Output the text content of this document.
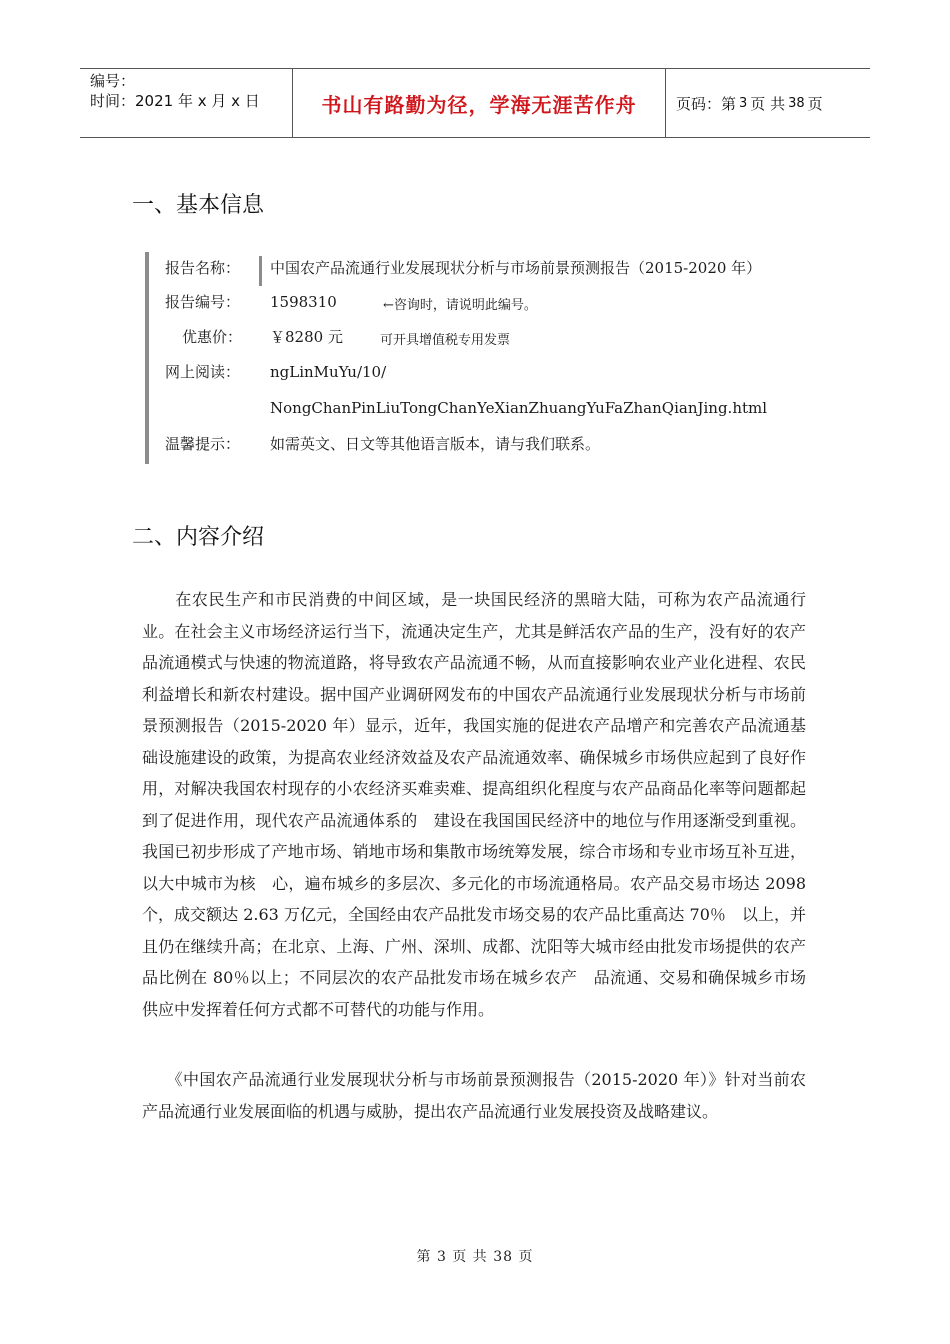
编号：
时间：2021 年 x 月 x 日	书山有路勤为径，学海无涯苦作舟	页码：第 3 页 共 38 页
一、基本信息
报告名称：	中国农产品流通行业发展现状分析与市场前景预测报告（2015-2020 年）
报告编号：	1598310	←咨询时，请说明此编号。
优惠价：	￥8280 元	可开具增值税专用发票
网上阅读：	ngLinMuYu/10/
NongChanPinLiuTongChanYeXianZhuangYuFaZhanQianJing.html
温馨提示：	如需英文、日文等其他语言版本，请与我们联系。
二、内容介绍
　　在农民生产和市民消费的中间区域，是一块国民经济的黑暗大陆，可称为农产品流通行　业。在社会主义市场经济运行当下，流通决定生产，尤其是鲜活农产品的生产，没有好的农产品流通模式与快速的物流道路，将导致农产品流通不畅，从而直接影响农业产业化进程、农民利益增长和新农村建设。据中国产业调研网发布的中国农产品流通行业发展现状分析与市场前景预测报告（2015-2020 年）显示，近年，我国实施的促进农产品增产和完善农产品流通基础设施建设的政策，为提高农业经济效益及农产品流通效率、确保城乡市场供应起到了良好作用，对解决我国农村现存的小农经济买难卖难、提高组织化程度与农产品商品化率等问题都起到了促进作用，现代农产品流通体系的　建设在我国国民经济中的地位与作用逐渐受到重视。我国已初步形成了产地市场、销地市场和集散市场统筹发展，综合市场和专业市场互补互进，以大中城市为核　心，遍布城乡的多层次、多元化的市场流通格局。农产品交易市场达 2098 个，成交额达 2.63 万亿元，全国经由农产品批发市场交易的农产品比重高达 70％　以上，并且仍在继续升高；在北京、上海、广州、深圳、成都、沈阳等大城市经由批发市场提供的农产品比例在 80％以上；不同层次的农产品批发市场在城乡农产　品流通、交易和确保城乡市场供应中发挥着任何方式都不可替代的功能与作用。
　　《中国农产品流通行业发展现状分析与市场前景预测报告（2015-2020 年）》针对当前农产品流通行业发展面临的机遇与威胁，提出农产品流通行业发展投资及战略建议。
第 3 页 共 38 页
